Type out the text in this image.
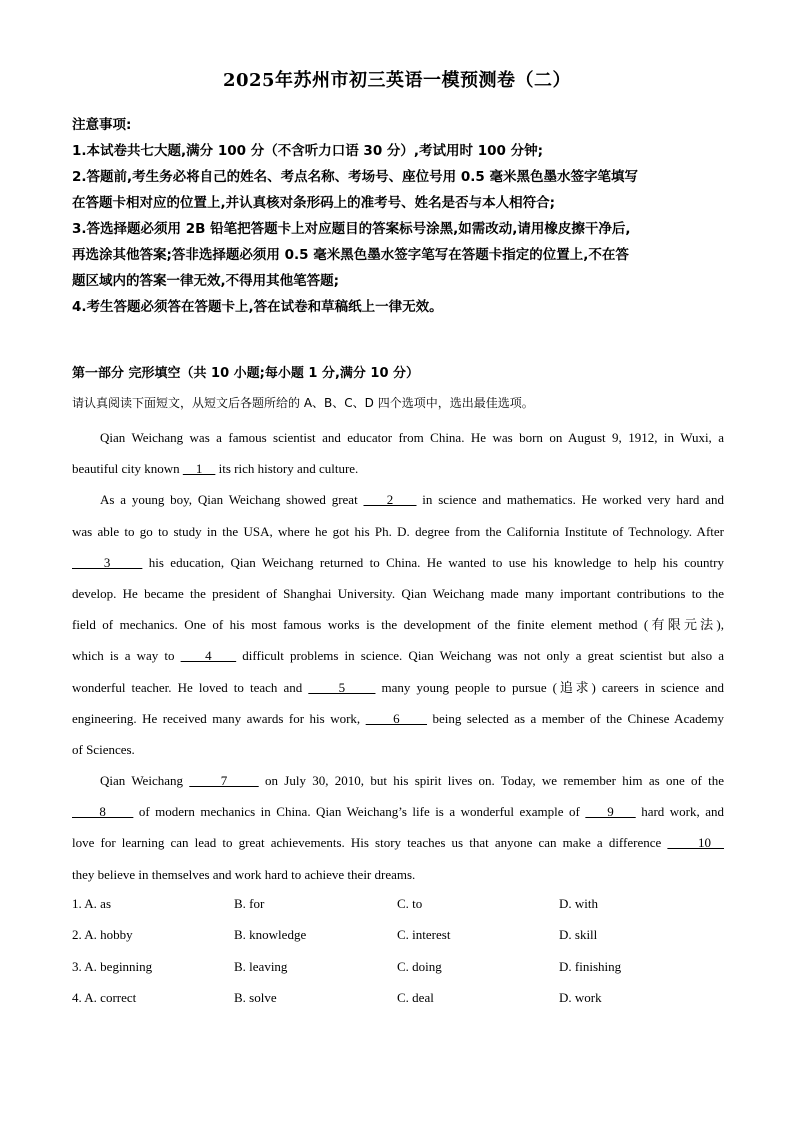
2025年苏州市初三英语一模预测卷（二）
注意事项:
1.本试卷共七大题,满分 100 分（不含听力口语 30 分）,考试用时 100 分钟;
2.答题前,考生务必将自己的姓名、考点名称、考场号、座位号用 0.5 毫米黑色墨水签字笔填写
在答题卡相对应的位置上,并认真核对条形码上的准考号、姓名是否与本人相符合;
3.答选择题必须用 2B 铅笔把答题卡上对应题目的答案标号涂黑,如需改动,请用橡皮擦干净后,
再选涂其他答案;答非选择题必须用 0.5 毫米黑色墨水签字笔写在答题卡指定的位置上,不在答
题区域内的答案一律无效,不得用其他笔答题;
4.考生答题必须答在答题卡上,答在试卷和草稿纸上一律无效。
第一部分 完形填空（共 10 小题;每小题 1 分,满分 10 分）
请认真阅读下面短文，从短文后各题所给的 A、B、C、D 四个选项中，选出最佳选项。
Qian Weichang was a famous scientist and educator from China. He was born on August 9, 1912, in Wuxi, a
beautiful city known     1     its rich history and culture.
As a young boy, Qian Weichang showed great     2     in science and mathematics. He worked very hard and
was able to go to study in the USA, where he got his Ph. D. degree from the California Institute of Technology. After
3      his education, Qian Weichang returned to China. He wanted to use his knowledge to help his country
develop. He became the president of Shanghai University. Qian Weichang made many important contributions to the
field of mechanics. One of his most famous works is the development of the finite element method (有限元法),
which is a way to     4     difficult problems in science. Qian Weichang was not only a great scientist but also a
wonderful teacher. He loved to teach and      5      many young people to pursue (追求) careers in science and
engineering. He received many awards for his work,      6      being selected as a member of the Chinese Academy
of Sciences.
Qian Weichang      7      on July 30, 2010, but his spirit lives on. Today, we remember him as one of the
8      of modern mechanics in China. Qian Weichang’s life is a wonderful example of     9     hard work, and
love for learning can lead to great achievements. His story teaches us that anyone can make a difference      10
they believe in themselves and work hard to achieve their dreams.
1. A. as	B. for	C. to	D. with
2. A. hobby	B. knowledge	C. interest	D. skill
3. A. beginning	B. leaving	C. doing	D. finishing
4. A. correct	B. solve	C. deal	D. work
